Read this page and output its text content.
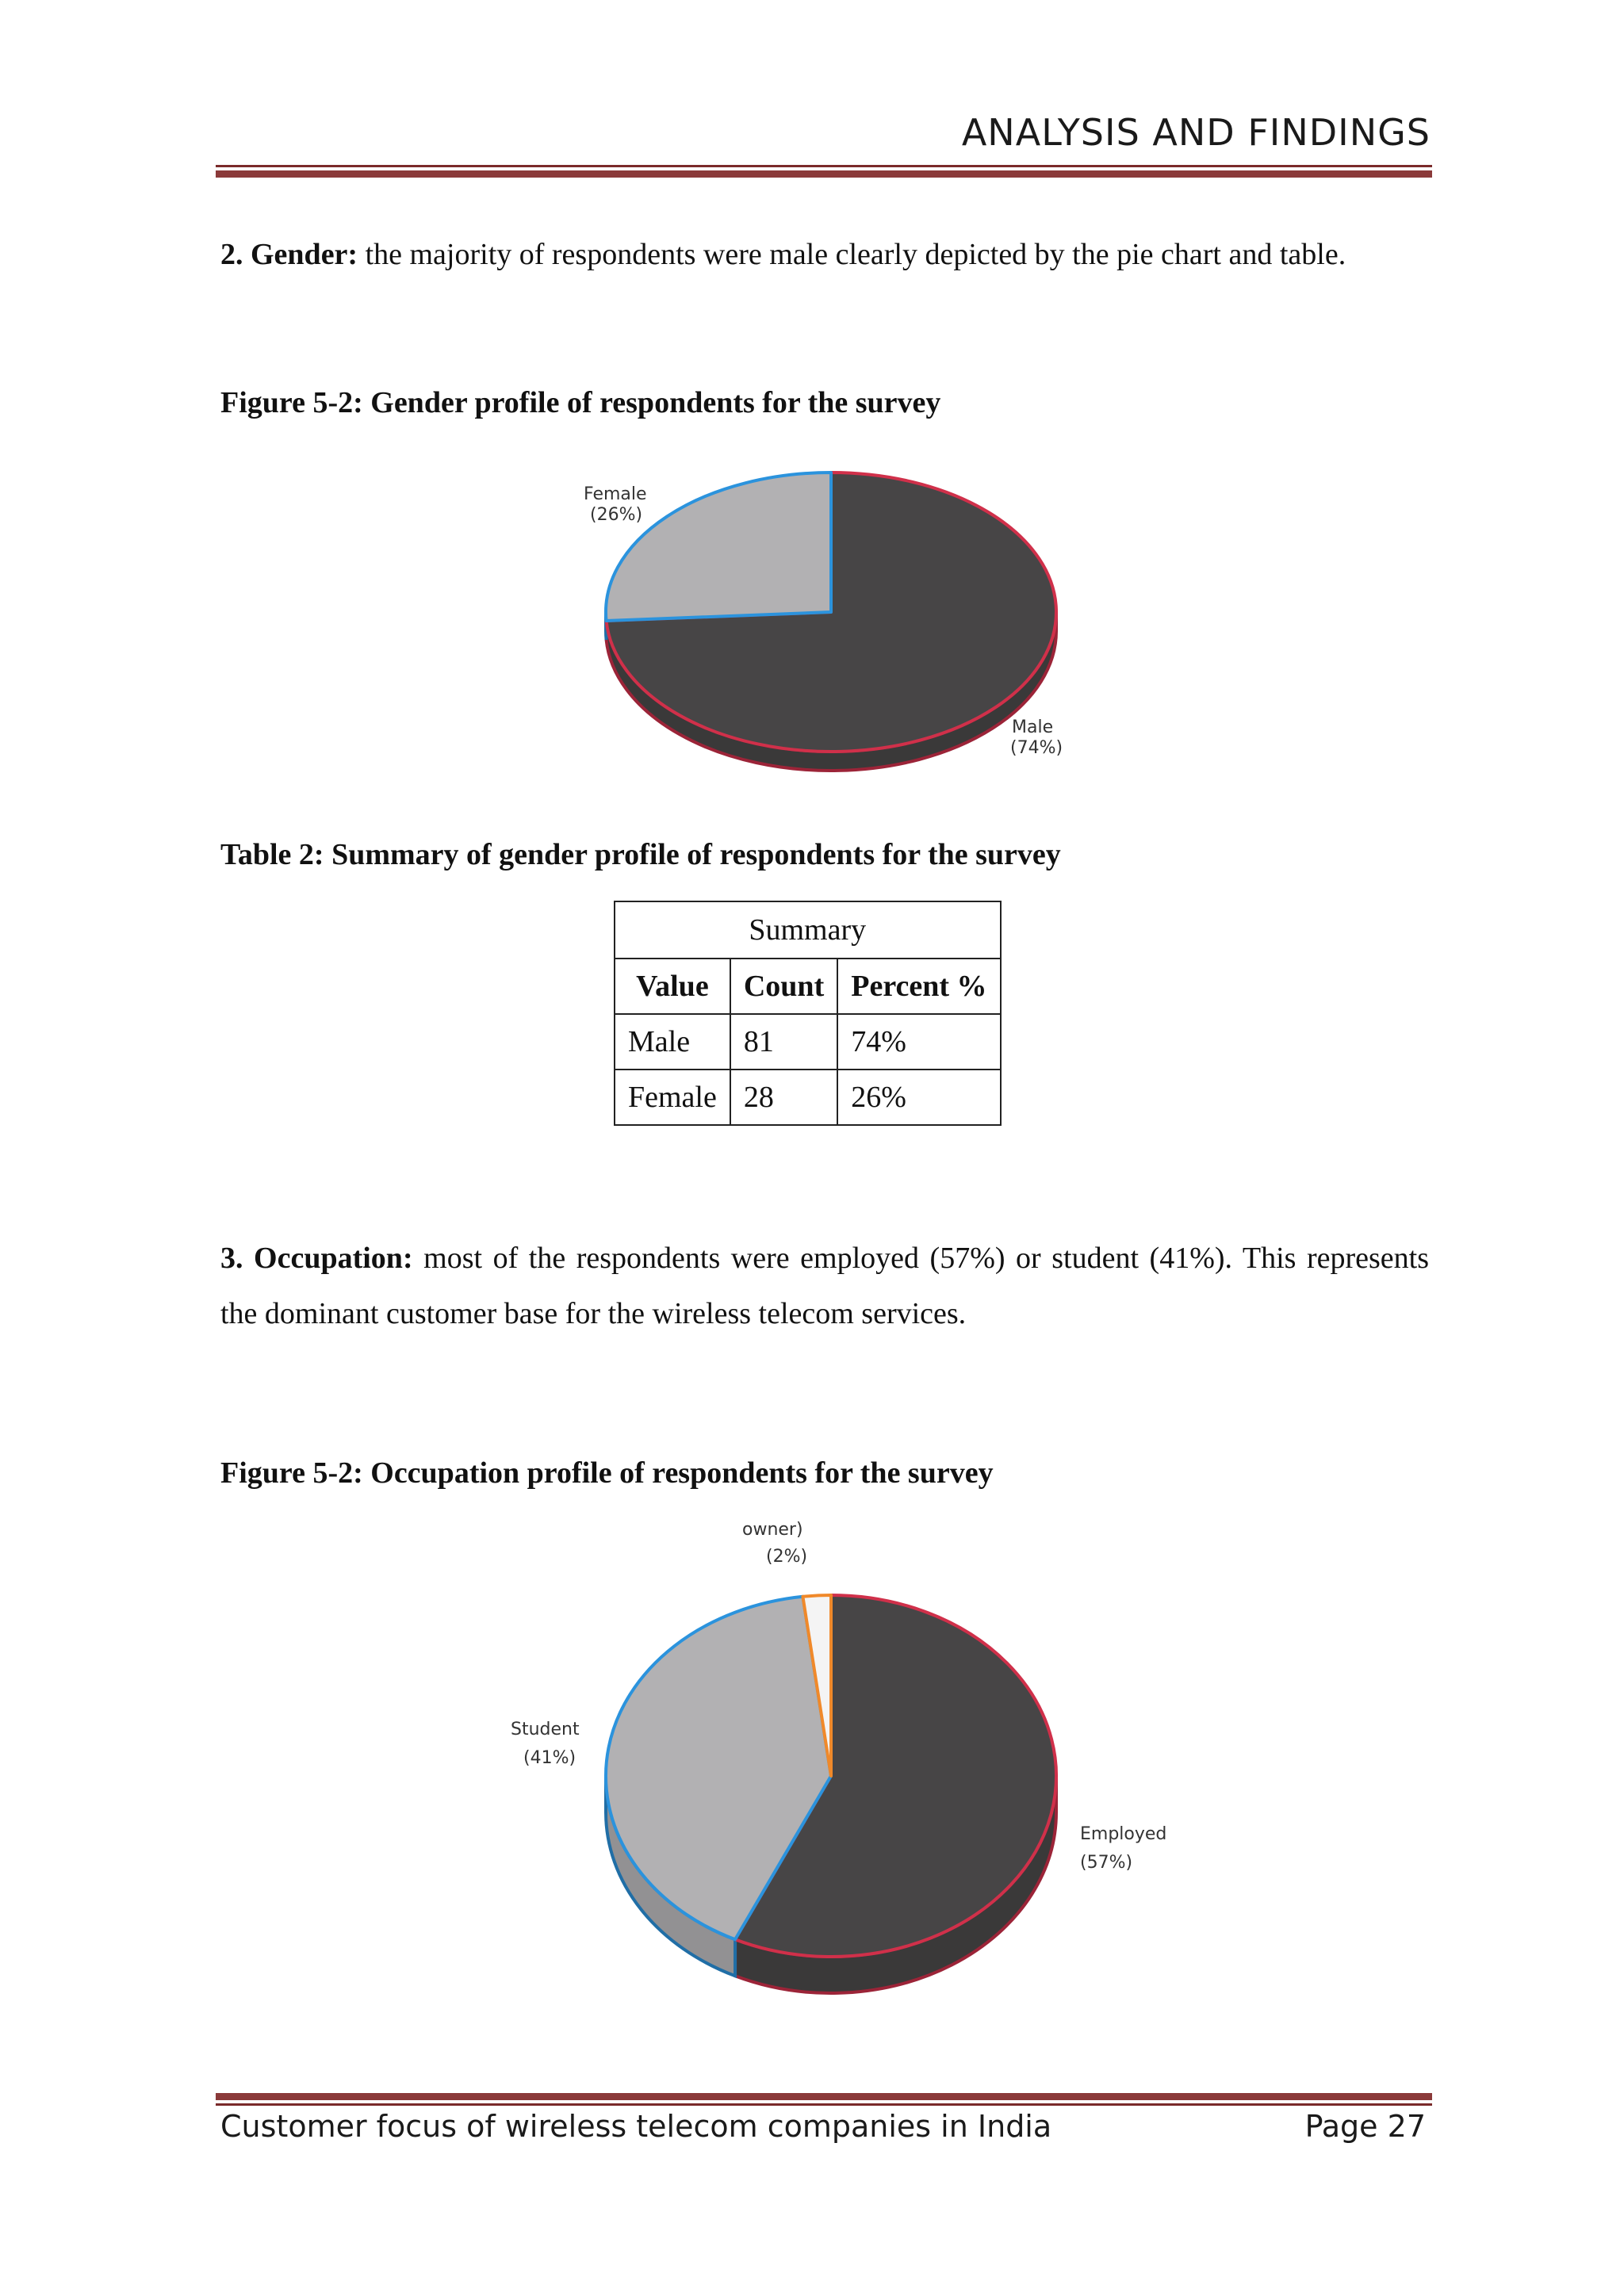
ANALYSIS AND FINDINGS
2. Gender: the majority of respondents were male clearly depicted by the pie chart and table.
Figure 5-2: Gender profile of respondents for the survey
Female
(26%)
Male
(74%)
Table 2: Summary of gender profile of respondents for the survey
Summary		
Value	Count	Percent %
Male	81	74%
Female	28	26%
3. Occupation: most of the respondents were employed (57%) or student (41%). This represents the dominant customer base for the wireless telecom services.
Figure 5-2: Occupation profile of respondents for the survey
owner)
(2%)
Student
(41%)
Employed
(57%)
Customer focus of wireless telecom companies in India	Page 27
